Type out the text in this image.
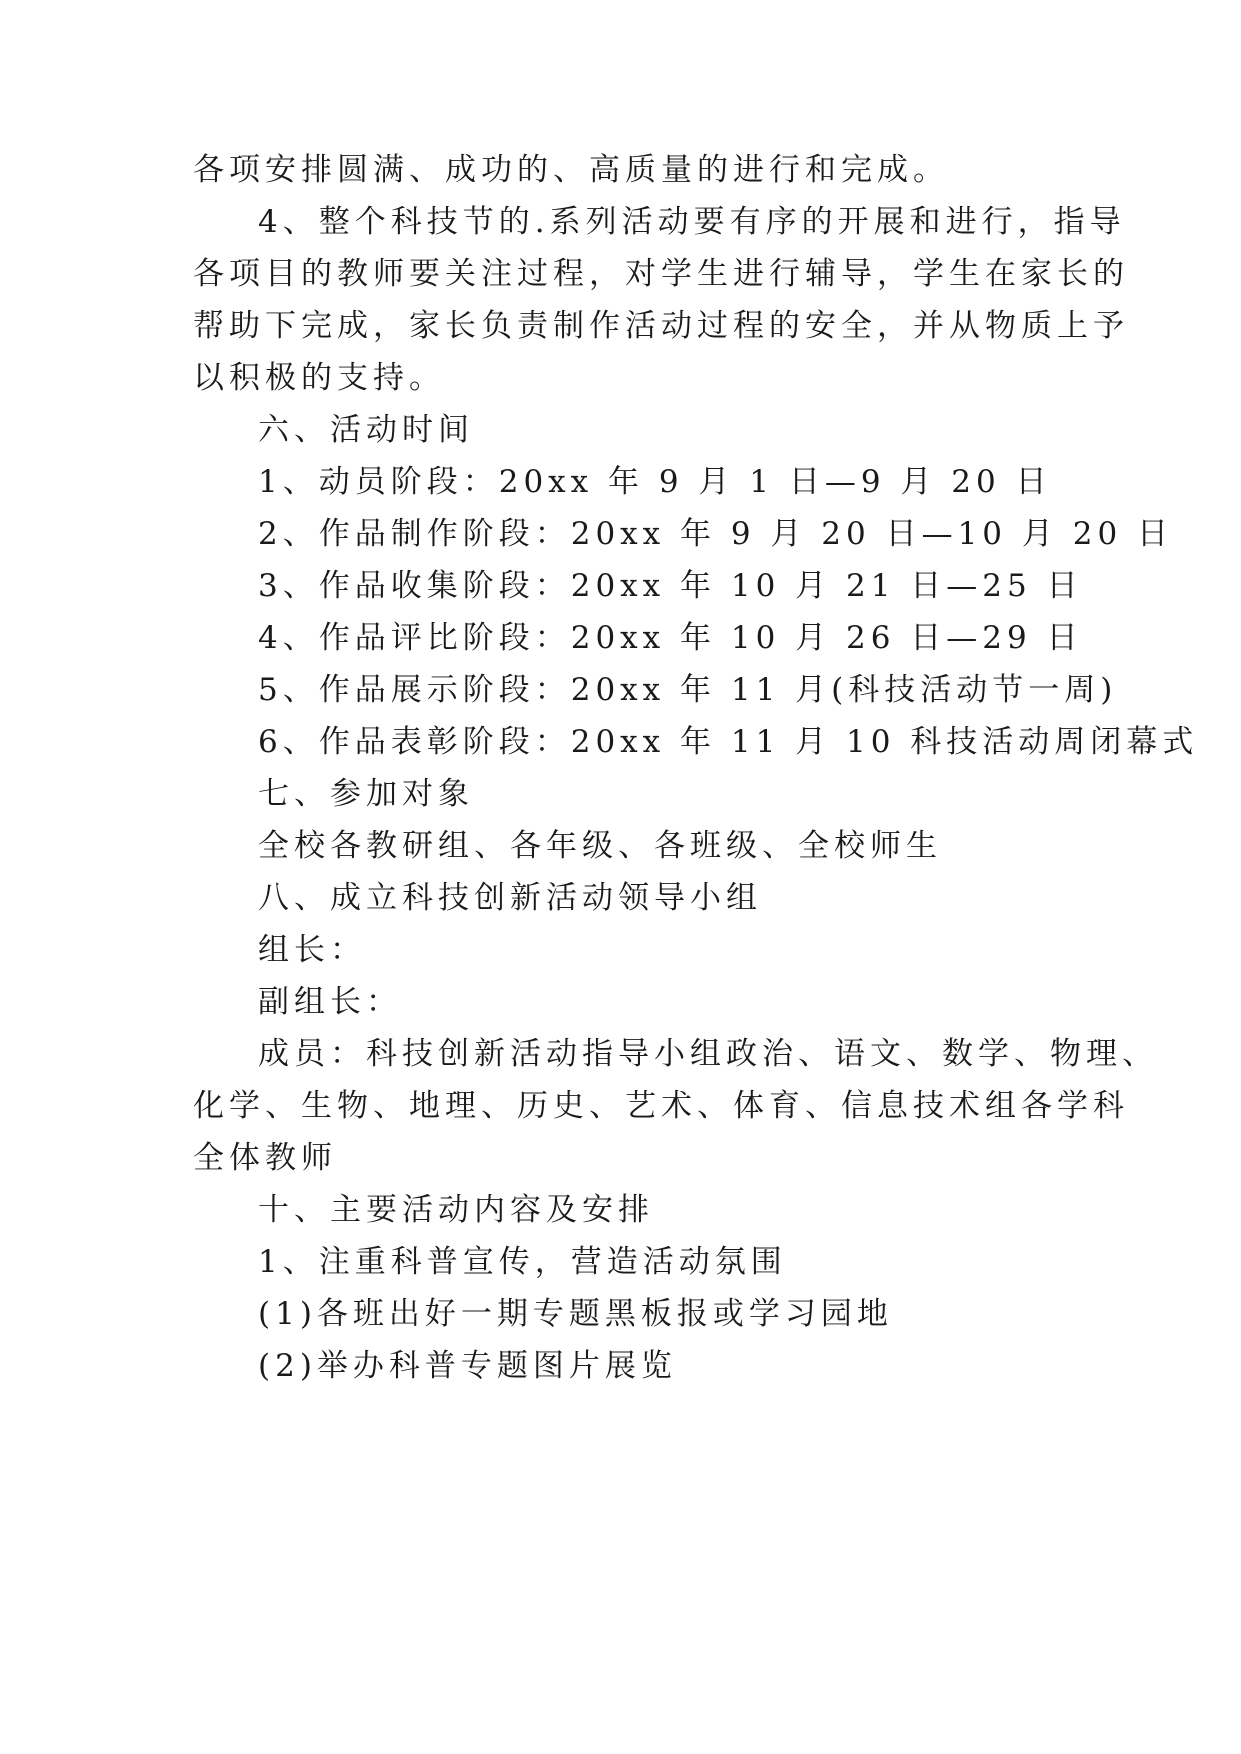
各项安排圆满、成功的、高质量的进行和完成。
4、整个科技节的.系列活动要有序的开展和进行，指导
各项目的教师要关注过程，对学生进行辅导，学生在家长的
帮助下完成，家长负责制作活动过程的安全，并从物质上予
以积极的支持。
六、活动时间
1、动员阶段：20xx 年 9 月 1 日—9 月 20 日
2、作品制作阶段：20xx 年 9 月 20 日—10 月 20 日
3、作品收集阶段：20xx 年 10 月 21 日—25 日
4、作品评比阶段：20xx 年 10 月 26 日—29 日
5、作品展示阶段：20xx 年 11 月(科技活动节一周)
6、作品表彰阶段：20xx 年 11 月 10 科技活动周闭幕式
七、参加对象
全校各教研组、各年级、各班级、全校师生
八、成立科技创新活动领导小组
组长：
副组长：
成员：科技创新活动指导小组政治、语文、数学、物理、
化学、生物、地理、历史、艺术、体育、信息技术组各学科
全体教师
十、主要活动内容及安排
1、注重科普宣传，营造活动氛围
(1)各班出好一期专题黑板报或学习园地
(2)举办科普专题图片展览
